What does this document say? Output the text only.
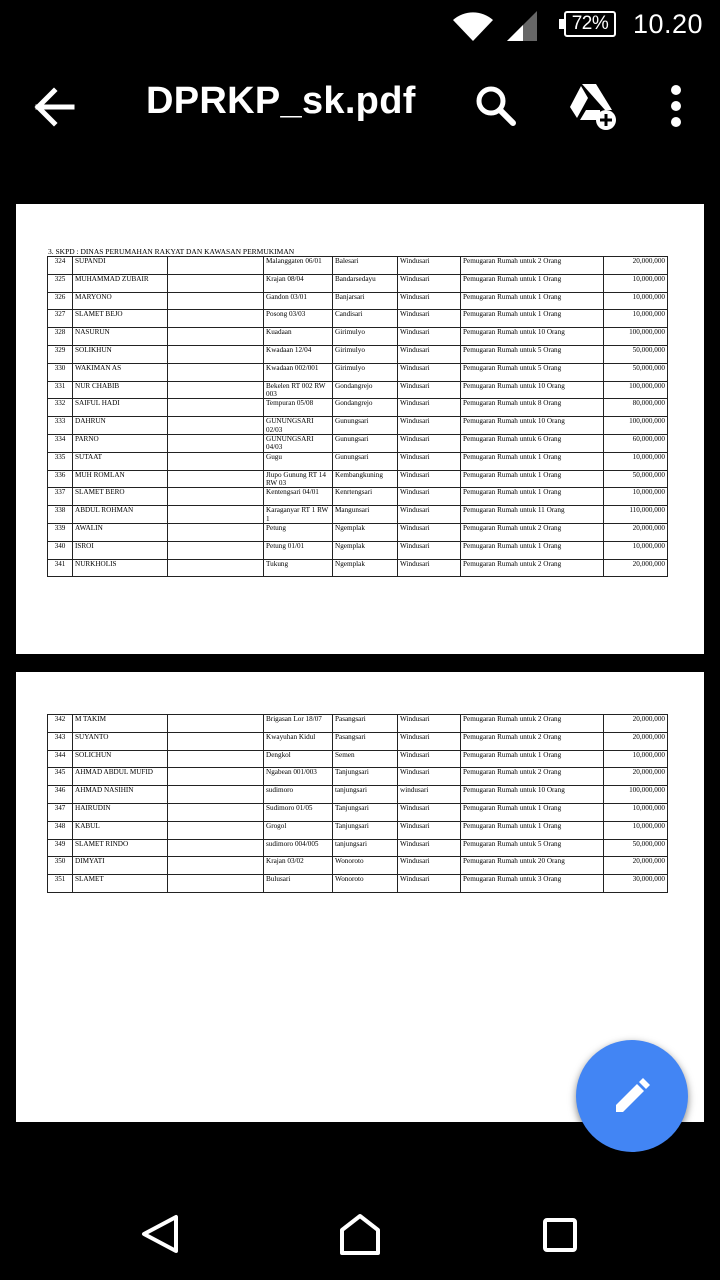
72% 10.20
DPRKP_sk.pdf
3. SKPD : DINAS PERUMAHAN RAKYAT DAN KAWASAN PERMUKIMAN
324	SUPANDI		Malanggaten 06/01	Balesari	Windusari	Pemugaran Rumah untuk 2 Orang	20,000,000
325	MUHAMMAD ZUBAIR		Krajan 08/04	Bandarsedayu	Windusari	Pemugaran Rumah untuk 1 Orang	10,000,000
326	MARYONO		Gandon 03/01	Banjarsari	Windusari	Pemugaran Rumah untuk 1 Orang	10,000,000
327	SLAMET BEJO		Posong 03/03	Candisari	Windusari	Pemugaran Rumah untuk 1 Orang	10,000,000
328	NASURUN		Kuadaan	Girimulyo	Windusari	Pemugaran Rumah untuk 10 Orang	100,000,000
329	SOLIKHUN		Kwadaan 12/04	Girimulyo	Windusari	Pemugaran Rumah untuk 5 Orang	50,000,000
330	WAKIMAN AS		Kwadaan 002/001	Girimulyo	Windusari	Pemugaran Rumah untuk 5 Orang	50,000,000
331	NUR CHABIB		Bekelen RT 002 RW 003	Gondangrejo	Windusari	Pemugaran Rumah untuk 10 Orang	100,000,000
332	SAIFUL HADI		Tempuran 05/08	Gondangrejo	Windusari	Pemugaran Rumah untuk 8 Orang	80,000,000
333	DAHRUN		GUNUNGSARI 02/03	Gunungsari	Windusari	Pemugaran Rumah untuk 10 Orang	100,000,000
334	PARNO		GUNUNGSARI 04/03	Gunungsari	Windusari	Pemugaran Rumah untuk 6 Orang	60,000,000
335	SUTAAT		Gugu	Gunungsari	Windusari	Pemugaran Rumah untuk 1 Orang	10,000,000
336	MUH ROMLAN		Jlupo Gunung RT 14 RW 03	Kembangkuning	Windusari	Pemugaran Rumah untuk 1 Orang	50,000,000
337	SLAMET BERO		Kentengsari 04/01	Kenrtengsari	Windusari	Pemugaran Rumah untuk 1 Orang	10,000,000
338	ABDUL ROHMAN		Karaganyar RT 1 RW 1	Mangunsari	Windusari	Pemugaran Rumah untuk 11 Orang	110,000,000
339	AWALIN		Petung	Ngemplak	Windusari	Pemugaran Rumah untuk 2 Orang	20,000,000
340	ISROI		Petung 01/01	Ngemplak	Windusari	Pemugaran Rumah untuk 1 Orang	10,000,000
341	NURKHOLIS		Tukung	Ngemplak	Windusari	Pemugaran Rumah untuk 2 Orang	20,000,000
342	M TAKIM		Brigasan Lor 18/07	Pasangsari	Windusari	Pemugaran Rumah untuk 2 Orang	20,000,000
343	SUYANTO		Kwayuhan Kidul	Pasangsari	Windusari	Pemugaran Rumah untuk 2 Orang	20,000,000
344	SOLICHUN		Dengkol	Semen	Windusari	Pemugaran Rumah untuk 1 Orang	10,000,000
345	AHMAD ABDUL MUFID		Ngabean 001/003	Tanjungsari	Windusari	Pemugaran Rumah untuk 2 Orang	20,000,000
346	AHMAD NASIHIN		sudimoro	tanjungsari	windusari	Pemugaran Rumah untuk 10 Orang	100,000,000
347	HAIRUDIN		Sudimoro 01/05	Tanjungsari	Windusari	Pemugaran Rumah untuk 1 Orang	10,000,000
348	KABUL		Grogol	Tanjungsari	Windusari	Pemugaran Rumah untuk 1 Orang	10,000,000
349	SLAMET RINDO		sudimoro 004/005	tanjungsari	Windusari	Pemugaran Rumah untuk 5 Orang	50,000,000
350	DIMYATI		Krajan 03/02	Wonoroto	Windusari	Pemugaran Rumah untuk 20 Orang	20,000,000
351	SLAMET		Bulusari	Wonoroto	Windusari	Pemugaran Rumah untuk 3 Orang	30,000,000
